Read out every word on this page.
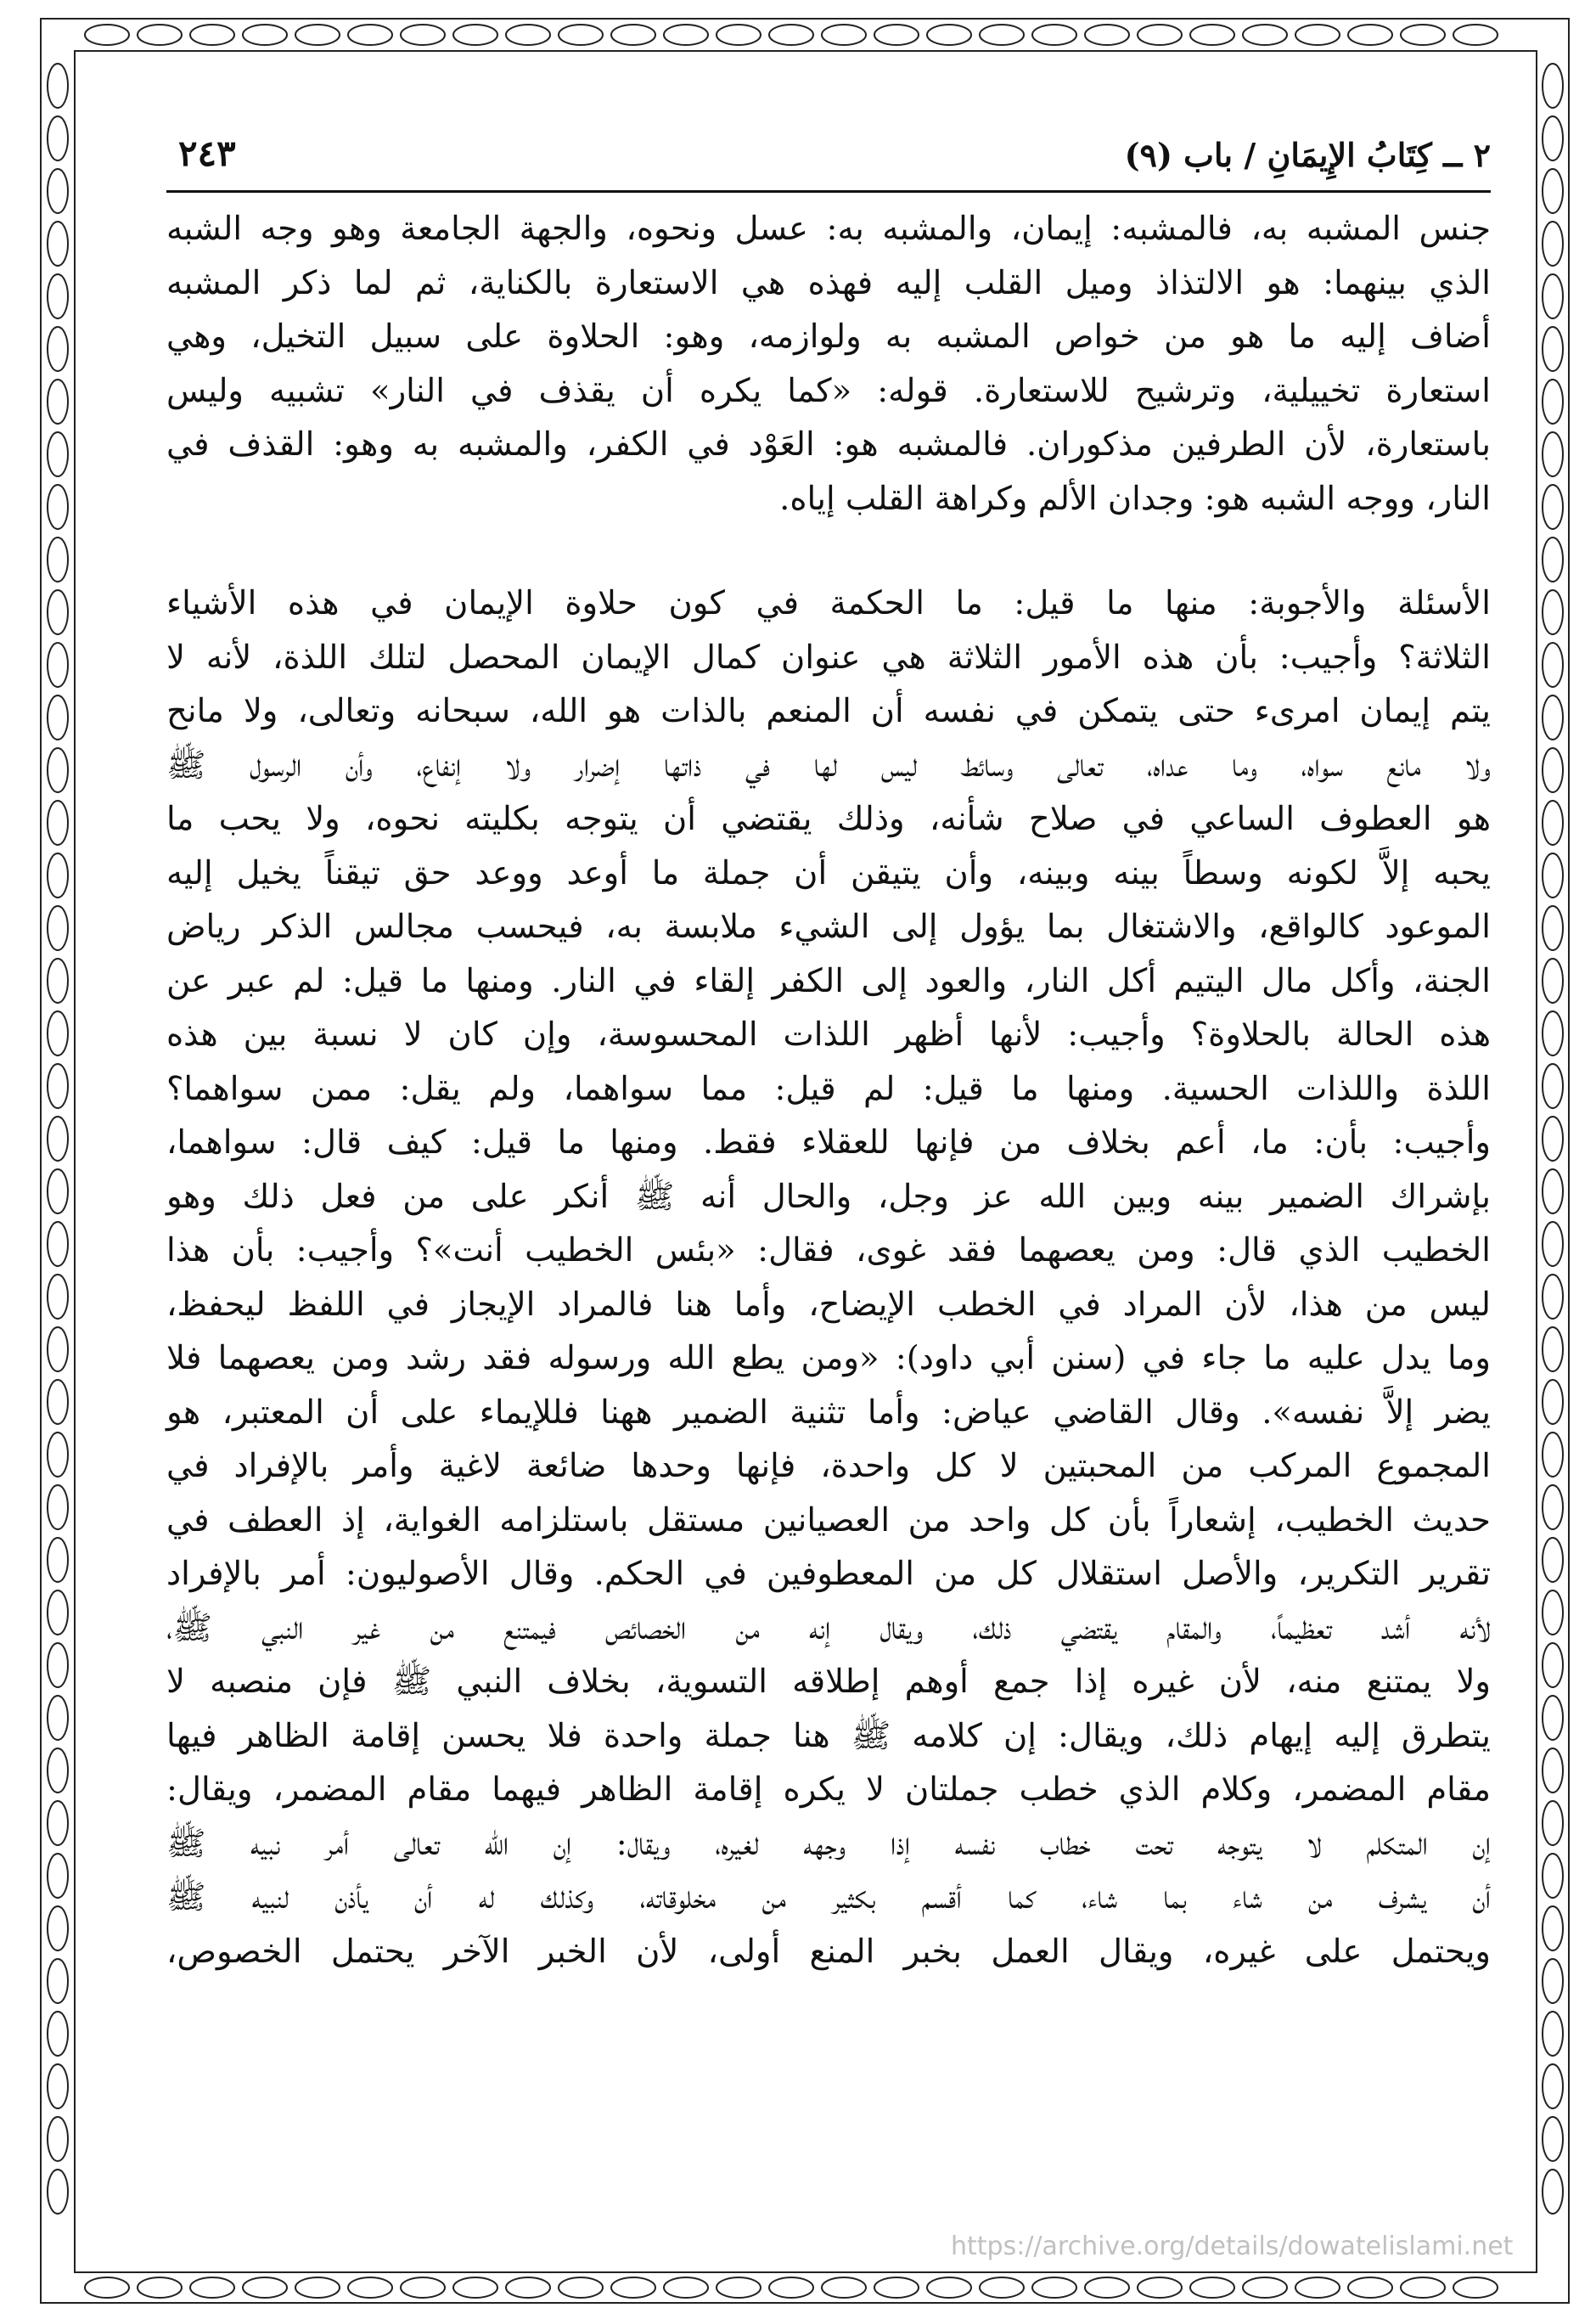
٢ ــ كِتَابُ الإِيمَانِ / باب (٩)
٢٤٣
جنس المشبه به، فالمشبه: إيمان، والمشبه به: عسل ونحوه، والجهة الجامعة وهو وجه الشبه
الذي بينهما: هو الالتذاذ وميل القلب إليه فهذه هي الاستعارة بالكناية، ثم لما ذكر المشبه
أضاف إليه ما هو من خواص المشبه به ولوازمه، وهو: الحلاوة على سبيل التخيل، وهي
استعارة تخييلية، وترشيح للاستعارة. قوله: «كما يكره أن يقذف في النار» تشبيه وليس
باستعارة، لأن الطرفين مذكوران. فالمشبه هو: العَوْد في الكفر، والمشبه به وهو: القذف في
النار، ووجه الشبه هو: وجدان الألم وكراهة القلب إياه.
الأسئلة والأجوبة: منها ما قيل: ما الحكمة في كون حلاوة الإيمان في هذه الأشياء
الثلاثة؟ وأجيب: بأن هذه الأمور الثلاثة هي عنوان كمال الإيمان المحصل لتلك اللذة، لأنه لا
يتم إيمان امرىء حتى يتمكن في نفسه أن المنعم بالذات هو الله، سبحانه وتعالى، ولا مانح
ولا مانع سواه، وما عداه، تعالى وسائط ليس لها في ذاتها إضرار ولا إنفاع، وأن الرسول ﷺ
هو العطوف الساعي في صلاح شأنه، وذلك يقتضي أن يتوجه بكليته نحوه، ولا يحب ما
يحبه إلاَّ لكونه وسطاً بينه وبينه، وأن يتيقن أن جملة ما أوعد ووعد حق تيقناً يخيل إليه
الموعود كالواقع، والاشتغال بما يؤول إلى الشيء ملابسة به، فيحسب مجالس الذكر رياض
الجنة، وأكل مال اليتيم أكل النار، والعود إلى الكفر إلقاء في النار. ومنها ما قيل: لم عبر عن
هذه الحالة بالحلاوة؟ وأجيب: لأنها أظهر اللذات المحسوسة، وإن كان لا نسبة بين هذه
اللذة واللذات الحسية. ومنها ما قيل: لم قيل: مما سواهما، ولم يقل: ممن سواهما؟
وأجيب: بأن: ما، أعم بخلاف من فإنها للعقلاء فقط. ومنها ما قيل: كيف قال: سواهما،
بإشراك الضمير بينه وبين الله عز وجل، والحال أنه ﷺ أنكر على من فعل ذلك وهو
الخطيب الذي قال: ومن يعصهما فقد غوى، فقال: «بئس الخطيب أنت»؟ وأجيب: بأن هذا
ليس من هذا، لأن المراد في الخطب الإيضاح، وأما هنا فالمراد الإيجاز في اللفظ ليحفظ،
وما يدل عليه ما جاء في (سنن أبي داود): «ومن يطع الله ورسوله فقد رشد ومن يعصهما فلا
يضر إلاَّ نفسه». وقال القاضي عياض: وأما تثنية الضمير ههنا فللإيماء على أن المعتبر، هو
المجموع المركب من المحبتين لا كل واحدة، فإنها وحدها ضائعة لاغية وأمر بالإفراد في
حديث الخطيب، إشعاراً بأن كل واحد من العصيانين مستقل باستلزامه الغواية، إذ العطف في
تقرير التكرير، والأصل استقلال كل من المعطوفين في الحكم. وقال الأصوليون: أمر بالإفراد
لأنه أشد تعظيماً، والمقام يقتضي ذلك، ويقال إنه من الخصائص فيمتنع من غير النبي ﷺ،
ولا يمتنع منه، لأن غيره إذا جمع أوهم إطلاقه التسوية، بخلاف النبي ﷺ فإن منصبه لا
يتطرق إليه إيهام ذلك، ويقال: إن كلامه ﷺ هنا جملة واحدة فلا يحسن إقامة الظاهر فيها
مقام المضمر، وكلام الذي خطب جملتان لا يكره إقامة الظاهر فيهما مقام المضمر، ويقال:
إن المتكلم لا يتوجه تحت خطاب نفسه إذا وجهه لغيره، ويقال: إن الله تعالى أمر نبيه ﷺ
أن يشرف من شاء بما شاء، كما أقسم بكثير من مخلوقاته، وكذلك له أن يأذن لنبيه ﷺ
ويحتمل على غيره، ويقال العمل بخبر المنع أولى، لأن الخبر الآخر يحتمل الخصوص،
https://archive.org/details/dowatelislami.net
